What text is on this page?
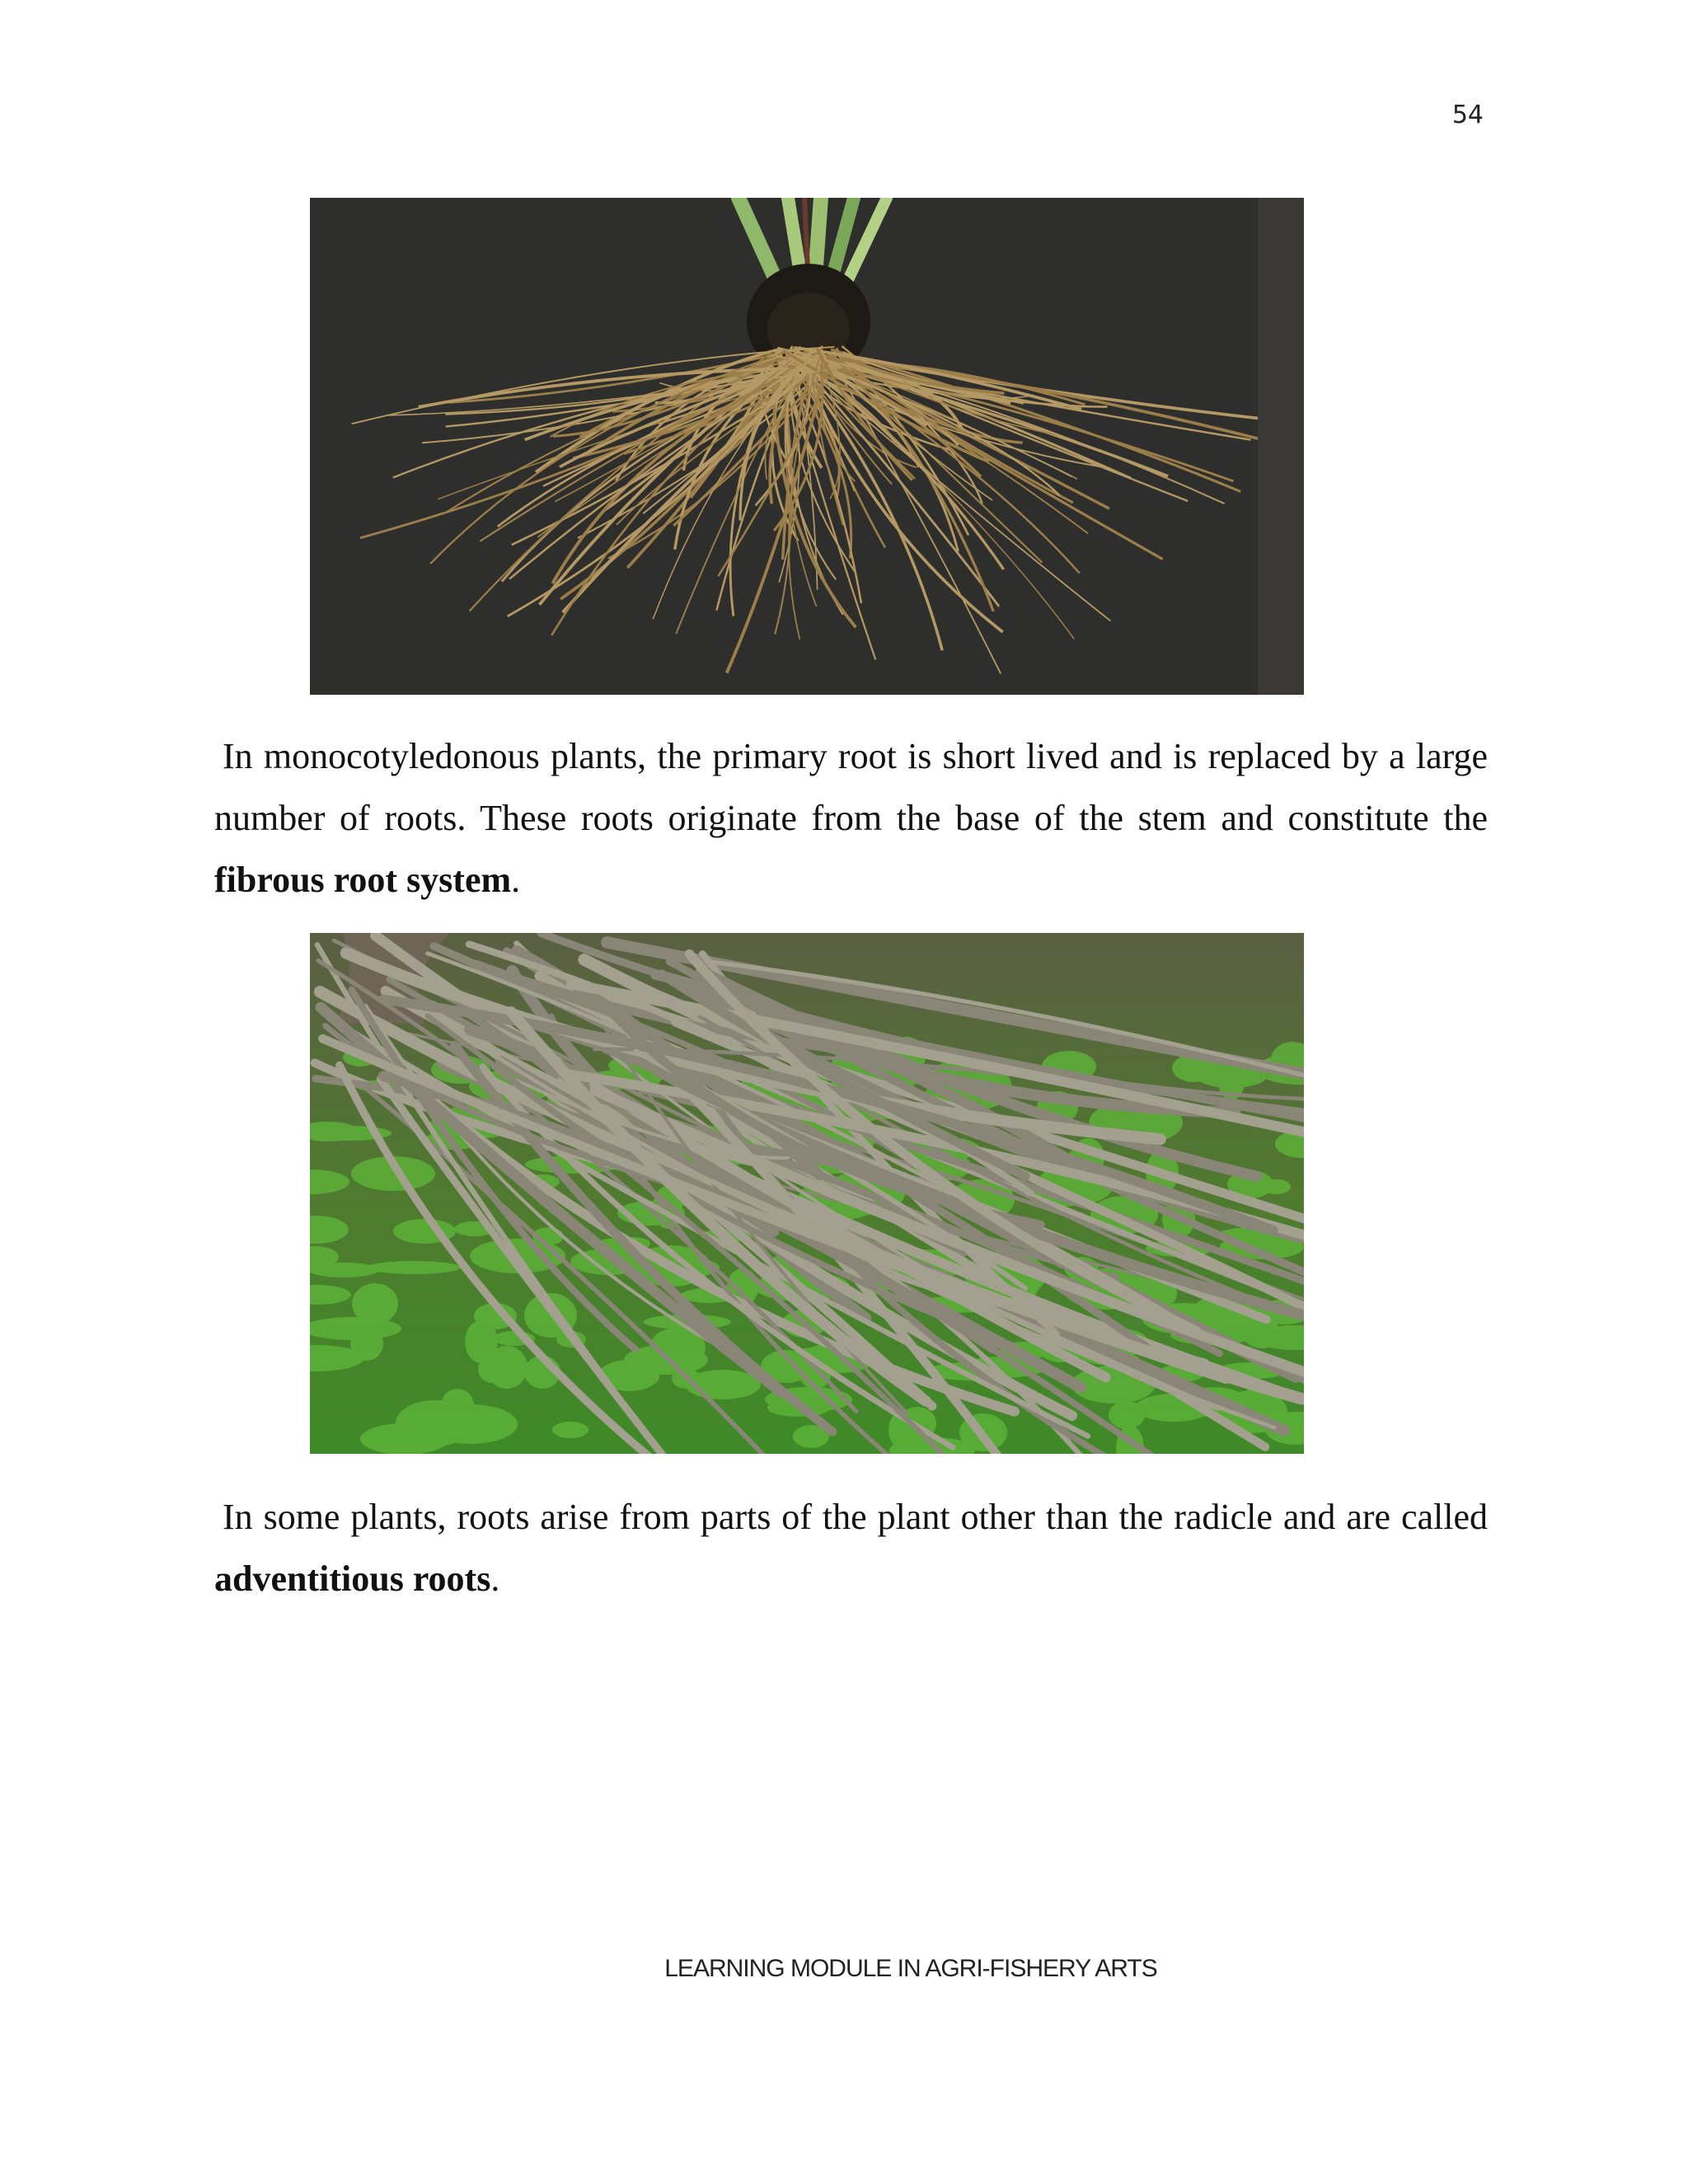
54
In monocotyledonous plants, the primary root is short lived and is replaced by a large number of roots. These roots originate from the base of the stem and constitute the fibrous root system.
In some plants, roots arise from parts of the plant other than the radicle and are called adventitious roots.
LEARNING MODULE IN AGRI-FISHERY ARTS
